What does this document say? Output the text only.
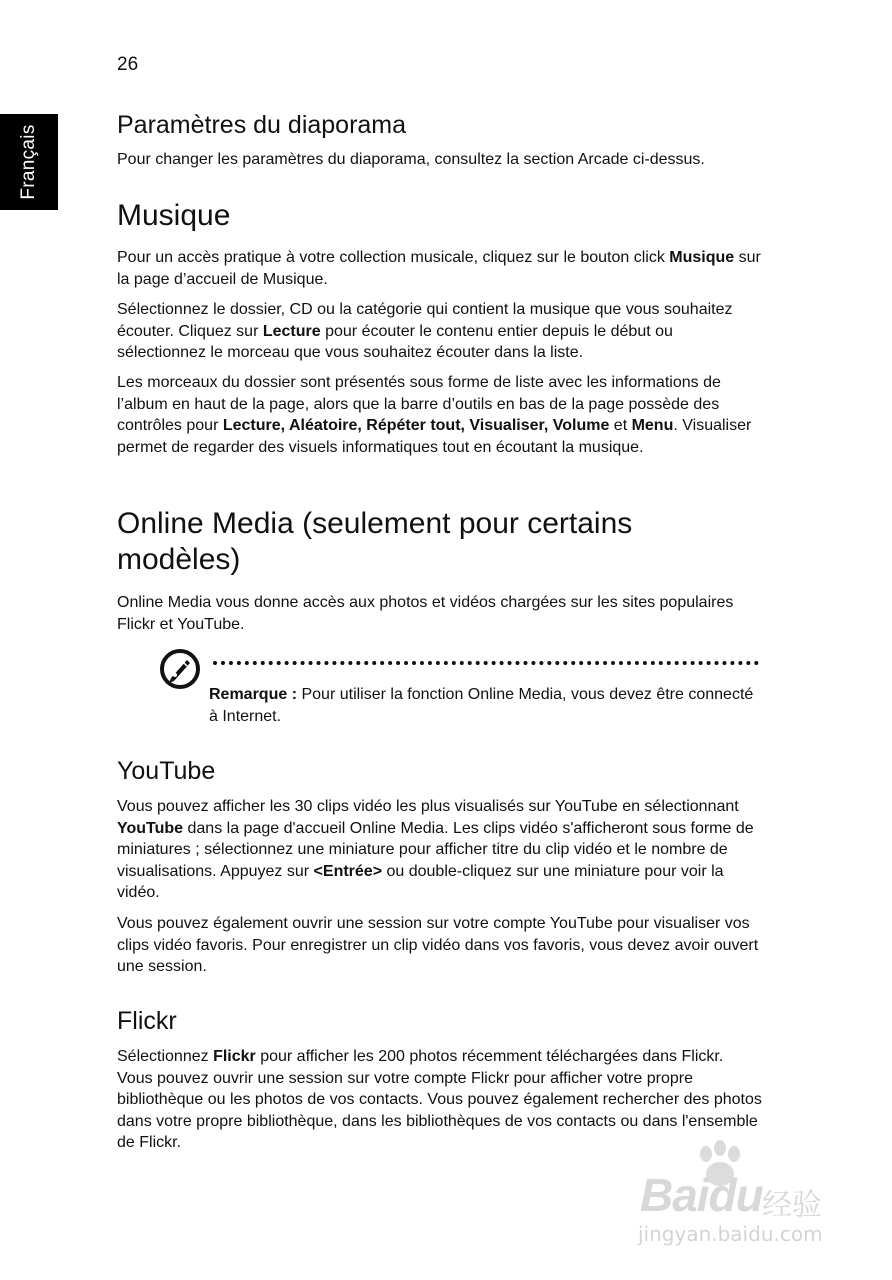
26
Français	Paramètres du diaporama

Pour changer les paramètres du diaporama, consultez la section Arcade ci-dessus.

Musique

Pour un accès pratique à votre collection musicale, cliquez sur le bouton click Musique sur la page d’accueil de Musique.

Sélectionnez le dossier, CD ou la catégorie qui contient la musique que vous souhaitez écouter. Cliquez sur Lecture pour écouter le contenu entier depuis le début ou sélectionnez le morceau que vous souhaitez écouter dans la liste.

Les morceaux du dossier sont présentés sous forme de liste avec les informations de l’album en haut de la page, alors que la barre d’outils en bas de la page possède des contrôles pour Lecture, Aléatoire, Répéter tout, Visualiser, Volume et Menu. Visualiser permet de regarder des visuels informatiques tout en écoutant la musique.

Online Media (seulement pour certains modèles)

Online Media vous donne accès aux photos et vidéos chargées sur les sites populaires Flickr et YouTube.

Remarque : Pour utiliser la fonction Online Media, vous devez être connecté à Internet.
YouTube

Vous pouvez afficher les 30 clips vidéo les plus visualisés sur YouTube en sélectionnant YouTube dans la page d'accueil Online Media. Les clips vidéo s'afficheront sous forme de miniatures ; sélectionnez une miniature pour afficher titre du clip vidéo et le nombre de visualisations. Appuyez sur <Entrée> ou double-cliquez sur une miniature pour voir la vidéo.

Vous pouvez également ouvrir une session sur votre compte YouTube pour visualiser vos clips vidéo favoris. Pour enregistrer un clip vidéo dans vos favoris, vous devez avoir ouvert une session.

Flickr

Sélectionnez Flickr pour afficher les 200 photos récemment téléchargées dans Flickr. Vous pouvez ouvrir une session sur votre compte Flickr pour afficher votre propre bibliothèque ou les photos de vos contacts. Vous pouvez également rechercher des photos dans votre propre bibliothèque, dans les bibliothèques de vos contacts ou dans l'ensemble de Flickr.

Baidu 经验
jingyan.baidu.com
